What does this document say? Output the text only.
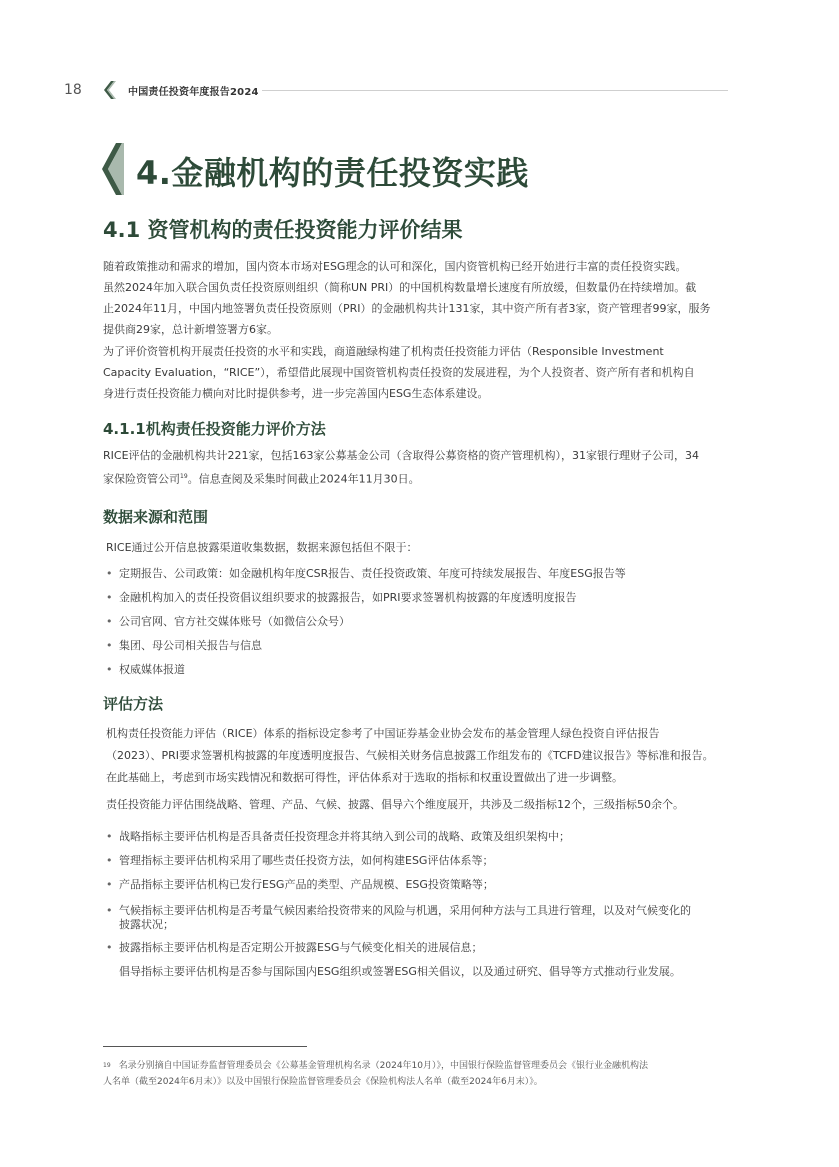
18	中国责任投资年度报告2024
4.金融机构的责任投资实践
4.1 资管机构的责任投资能力评价结果
随着政策推动和需求的增加，国内资本市场对ESG理念的认可和深化，国内资管机构已经开始进行丰富的责任投资实践。
虽然2024年加入联合国负责任投资原则组织（简称UN PRI）的中国机构数量增长速度有所放缓，但数量仍在持续增加。截
止2024年11月，中国内地签署负责任投资原则（PRI）的金融机构共计131家，其中资产所有者3家，资产管理者99家，服务
提供商29家，总计新增签署方6家。
为了评价资管机构开展责任投资的水平和实践，商道融绿构建了机构责任投资能力评估（Responsible Investment
Capacity Evaluation，“RICE”），希望借此展现中国资管机构责任投资的发展进程，为个人投资者、资产所有者和机构自
身进行责任投资能力横向对比时提供参考，进一步完善国内ESG生态体系建设。
4.1.1机构责任投资能力评价方法
RICE评估的金融机构共计221家，包括163家公募基金公司（含取得公募资格的资产管理机构），31家银行理财子公司，34
家保险资管公司$^{19}$。信息查阅及采集时间截止2024年11月30日。
数据来源和范围
RICE通过公开信息披露渠道收集数据，数据来源包括但不限于：
• 定期报告、公司政策：如金融机构年度CSR报告、责任投资政策、年度可持续发展报告、年度ESG报告等
• 金融机构加入的责任投资倡议组织要求的披露报告，如PRI要求签署机构披露的年度透明度报告
• 公司官网、官方社交媒体账号（如微信公众号）
• 集团、母公司相关报告与信息
• 权威媒体报道
评估方法
机构责任投资能力评估（RICE）体系的指标设定参考了中国证券基金业协会发布的基金管理人绿色投资自评估报告
（2023）、PRI要求签署机构披露的年度透明度报告、气候相关财务信息披露工作组发布的《TCFD建议报告》等标准和报告。
在此基础上，考虑到市场实践情况和数据可得性，评估体系对于选取的指标和权重设置做出了进一步调整。
责任投资能力评估围绕战略、管理、产品、气候、披露、倡导六个维度展开，共涉及二级指标12个，三级指标50余个。
• 战略指标主要评估机构是否具备责任投资理念并将其纳入到公司的战略、政策及组织架构中；
• 管理指标主要评估机构采用了哪些责任投资方法，如何构建ESG评估体系等；
• 产品指标主要评估机构已发行ESG产品的类型、产品规模、ESG投资策略等；
• 气候指标主要评估机构是否考量气候因素给投资带来的风险与机遇，采用何种方法与工具进行管理，以及对气候变化的
披露状况；
• 披露指标主要评估机构是否定期公开披露ESG与气候变化相关的进展信息；
倡导指标主要评估机构是否参与国际国内ESG组织或签署ESG相关倡议，以及通过研究、倡导等方式推动行业发展。
$^{19}$ 名录分别摘自中国证券监督管理委员会《公募基金管理机构名录（2024年10月）》，中国银行保险监督管理委员会《银行业金融机构法
人名单（截至2024年6月末）》以及中国银行保险监督管理委员会《保险机构法人名单（截至2024年6月末）》。
